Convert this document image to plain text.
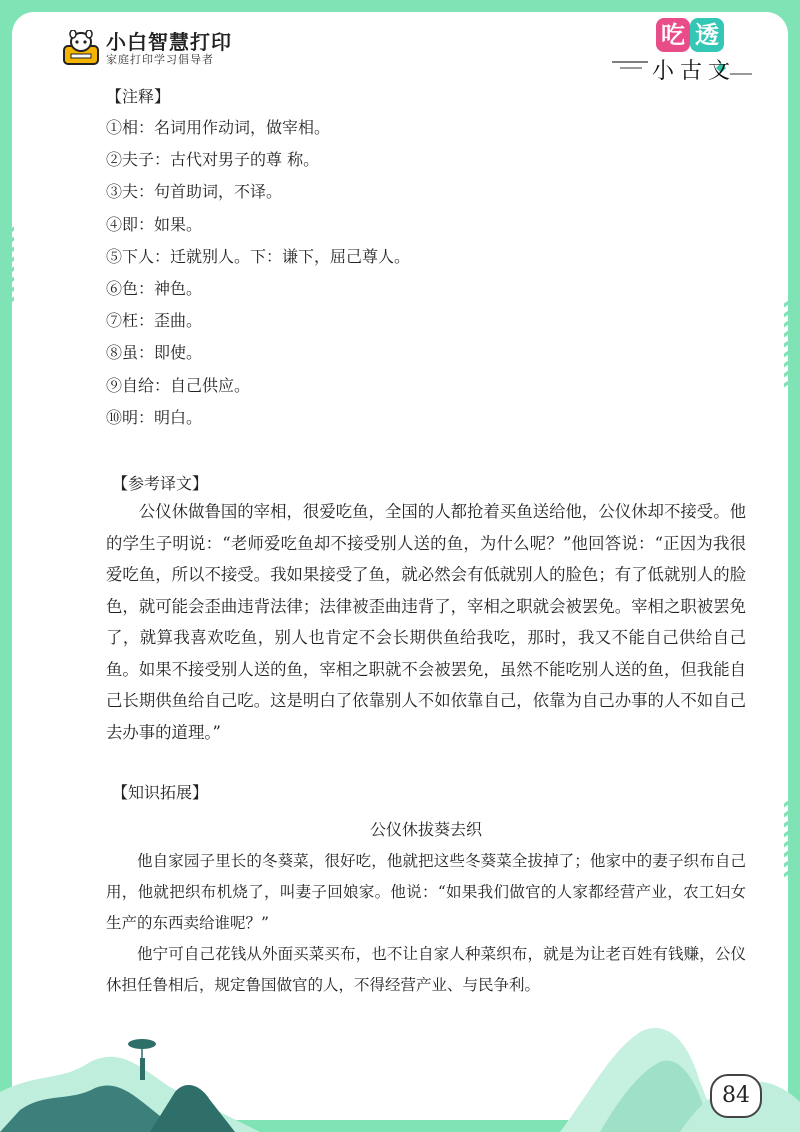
小白智慧打印
家庭打印学习倡导者
吃 透
小古文

【注释】

①相：名词用作动词，做宰相。

②夫子：古代对男子的尊 称。

③夫：句首助词，不译。

④即：如果。

⑤下人：迁就别人。下：谦下，屈己尊人。

⑥色：神色。

⑦枉：歪曲。

⑧虽：即使。

⑨自给：自己供应。

⑩明：明白。

【参考译文】

公仪休做鲁国的宰相，很爱吃鱼，全国的人都抢着买鱼送给他，公仪休却不接受。他的学生子明说：“老师爱吃鱼却不接受别人送的鱼，为什么呢？”他回答说：“正因为我很爱吃鱼，所以不接受。我如果接受了鱼，就必然会有低就别人的脸色；有了低就别人的脸色，就可能会歪曲违背法律；法律被歪曲违背了，宰相之职就会被罢免。宰相之职被罢免了，就算我喜欢吃鱼，别人也肯定不会长期供鱼给我吃，那时，我又不能自己供给自己鱼。如果不接受别人送的鱼，宰相之职就不会被罢免，虽然不能吃别人送的鱼，但我能自己长期供鱼给自己吃。这是明白了依靠别人不如依靠自己，依靠为自己办事的人不如自己去办事的道理。”

【知识拓展】
公仪休拔葵去织

他自家园子里长的冬葵菜，很好吃，他就把这些冬葵菜全拔掉了；他家中的妻子织布自己用，他就把织布机烧了，叫妻子回娘家。他说：“如果我们做官的人家都经营产业，农工妇女生产的东西卖给谁呢？”

他宁可自己花钱从外面买菜买布，也不让自家人种菜织布，就是为让老百姓有钱赚，公仪休担任鲁相后，规定鲁国做官的人，不得经营产业、与民争利。

84
